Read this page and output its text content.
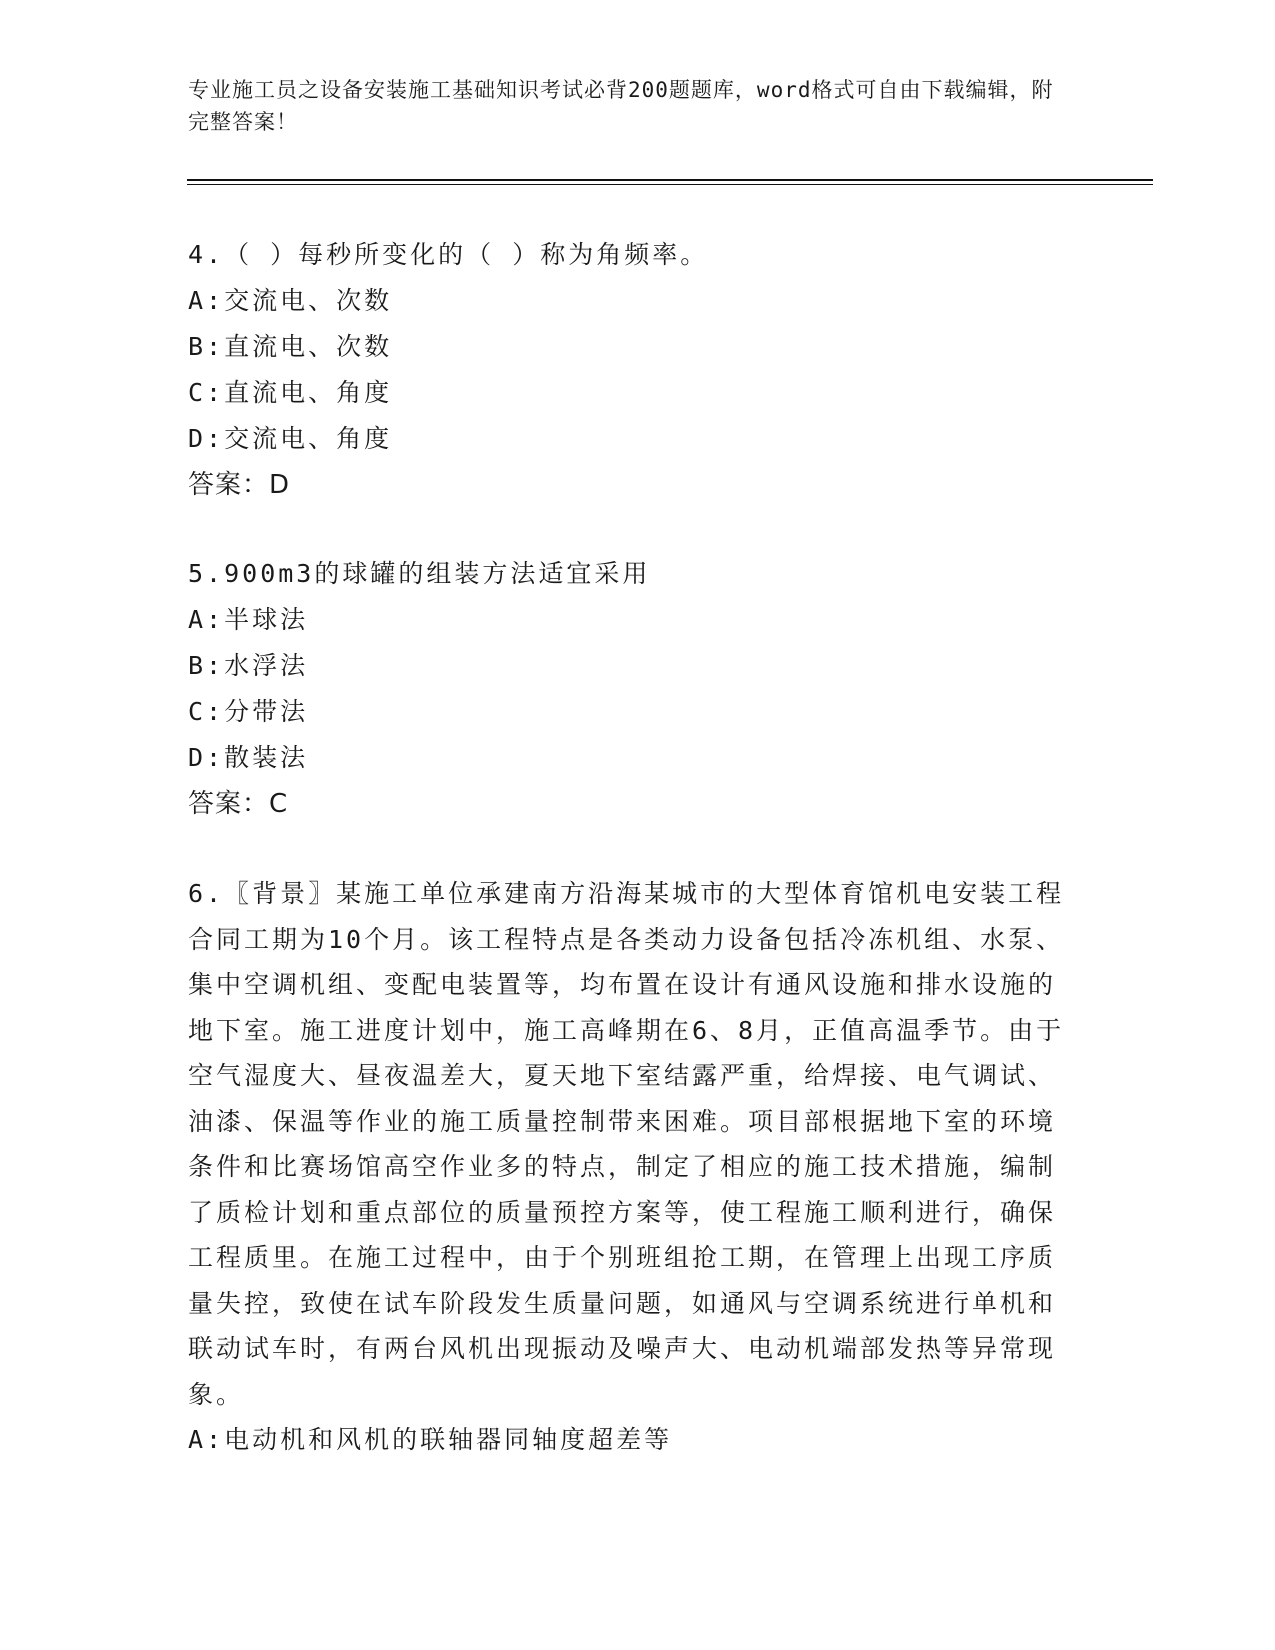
专业施工员之设备安装施工基础知识考试必背200题题库，word格式可自由下载编辑，附完整答案！
4.（ ）每秒所变化的（ ）称为角频率。
A:交流电、次数
B:直流电、次数
C:直流电、角度
D:交流电、角度
答案：D
5.900m3的球罐的组装方法适宜采用
A:半球法
B:水浮法
C:分带法
D:散装法
答案：C
6.〖背景〗某施工单位承建南方沿海某城市的大型体育馆机电安装工程合同工期为10个月。该工程特点是各类动力设备包括冷冻机组、水泵、集中空调机组、变配电装置等，均布置在设计有通风设施和排水设施的地下室。施工进度计划中，施工高峰期在6、8月，正值高温季节。由于空气湿度大、昼夜温差大，夏天地下室结露严重，给焊接、电气调试、油漆、保温等作业的施工质量控制带来困难。项目部根据地下室的环境条件和比赛场馆高空作业多的特点，制定了相应的施工技术措施，编制了质检计划和重点部位的质量预控方案等，使工程施工顺利进行，确保工程质里。在施工过程中，由于个别班组抢工期，在管理上出现工序质量失控，致使在试车阶段发生质量问题，如通风与空调系统进行单机和联动试车时，有两台风机出现振动及噪声大、电动机端部发热等异常现象。
A:电动机和风机的联轴器同轴度超差等
